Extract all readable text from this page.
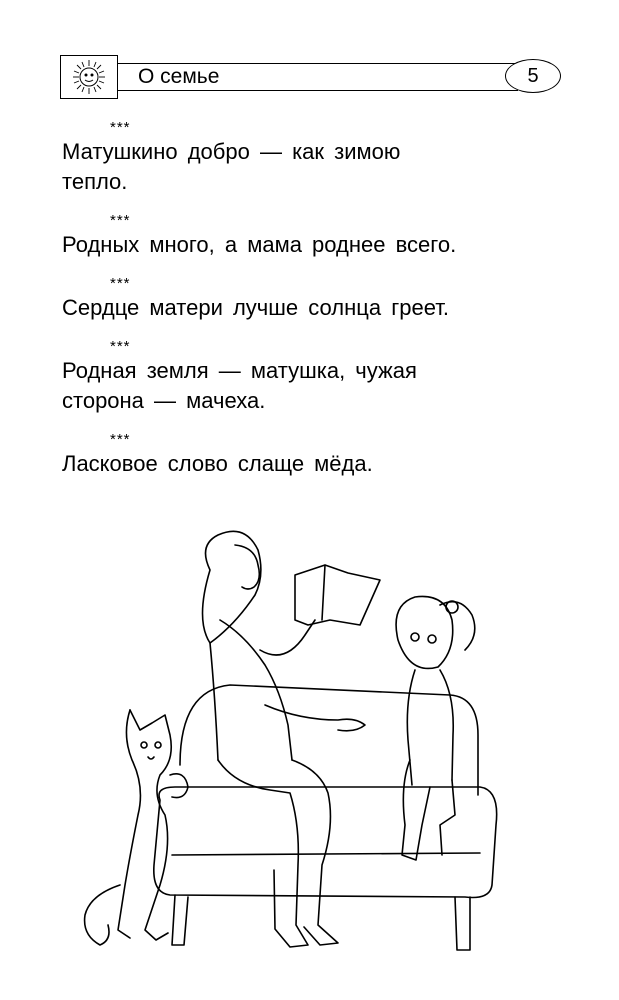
О семье	5
***
Матушкино добро — как зимою тепло.
***
Родных много, а мама роднее всего.
***
Сердце матери лучше солнца греет.
***
Родная земля — матушка, чужая сторона — мачеха.
***
Ласковое слово слаще мёда.
